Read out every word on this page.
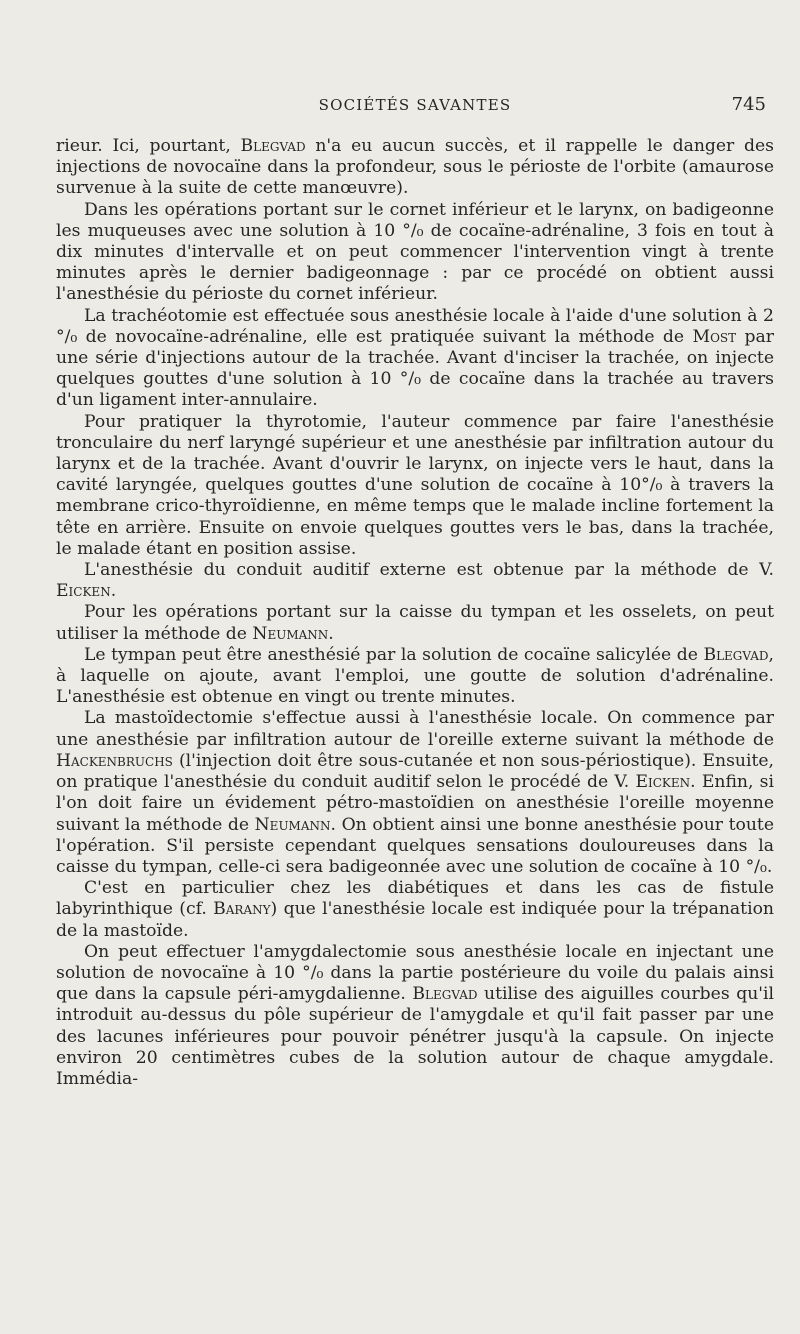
SOCIÉTÉS SAVANTES	745

rieur. Ici, pourtant, Blegvad n'a eu aucun succès, et il rappelle le danger des injections de novocaïne dans la profondeur, sous le périoste de l'orbite (amaurose survenue à la suite de cette manœuvre).

Dans les opérations portant sur le cornet inférieur et le larynx, on badigeonne les muqueuses avec une solution à 10 °/₀ de cocaïne-adrénaline, 3 fois en tout à dix minutes d'intervalle et on peut commencer l'intervention vingt à trente minutes après le dernier badigeonnage : par ce procédé on obtient aussi l'anesthésie du périoste du cornet inférieur.

La trachéotomie est effectuée sous anesthésie locale à l'aide d'une solution à 2 °/₀ de novocaïne-adrénaline, elle est pratiquée suivant la méthode de Most par une série d'injections autour de la trachée. Avant d'inciser la trachée, on injecte quelques gouttes d'une solution à 10 °/₀ de cocaïne dans la trachée au travers d'un ligament inter-annulaire.

Pour pratiquer la thyrotomie, l'auteur commence par faire l'anesthésie tronculaire du nerf laryngé supérieur et une anesthésie par infiltration autour du larynx et de la trachée. Avant d'ouvrir le larynx, on injecte vers le haut, dans la cavité laryngée, quelques gouttes d'une solution de cocaïne à 10°/₀ à travers la membrane crico-thyroïdienne, en même temps que le malade incline fortement la tête en arrière. Ensuite on envoie quelques gouttes vers le bas, dans la trachée, le malade étant en position assise.

L'anesthésie du conduit auditif externe est obtenue par la méthode de V. Eicken.

Pour les opérations portant sur la caisse du tympan et les osselets, on peut utiliser la méthode de Neumann.

Le tympan peut être anesthésié par la solution de cocaïne salicylée de Blegvad, à laquelle on ajoute, avant l'emploi, une goutte de solution d'adrénaline. L'anesthésie est obtenue en vingt ou trente minutes.

La mastoïdectomie s'effectue aussi à l'anesthésie locale. On commence par une anesthésie par infiltration autour de l'oreille externe suivant la méthode de Hackenbruchs (l'injection doit être sous-cutanée et non sous-périostique). Ensuite, on pratique l'anesthésie du conduit auditif selon le procédé de V. Eicken. Enfin, si l'on doit faire un évidement pétro-mastoïdien on anesthésie l'oreille moyenne suivant la méthode de Neumann. On obtient ainsi une bonne anesthésie pour toute l'opération. S'il persiste cependant quelques sensations douloureuses dans la caisse du tympan, celle-ci sera badigeonnée avec une solution de cocaïne à 10 °/₀.

C'est en particulier chez les diabétiques et dans les cas de fistule labyrinthique (cf. Barany) que l'anesthésie locale est indiquée pour la trépanation de la mastoïde.

On peut effectuer l'amygdalectomie sous anesthésie locale en injectant une solution de novocaïne à 10 °/₀ dans la partie postérieure du voile du palais ainsi que dans la capsule péri-amygdalienne. Blegvad utilise des aiguilles courbes qu'il introduit au-dessus du pôle supérieur de l'amygdale et qu'il fait passer par une des lacunes inférieures pour pouvoir pénétrer jusqu'à la capsule. On injecte environ 20 centimètres cubes de la solution autour de chaque amygdale. Immédia-
